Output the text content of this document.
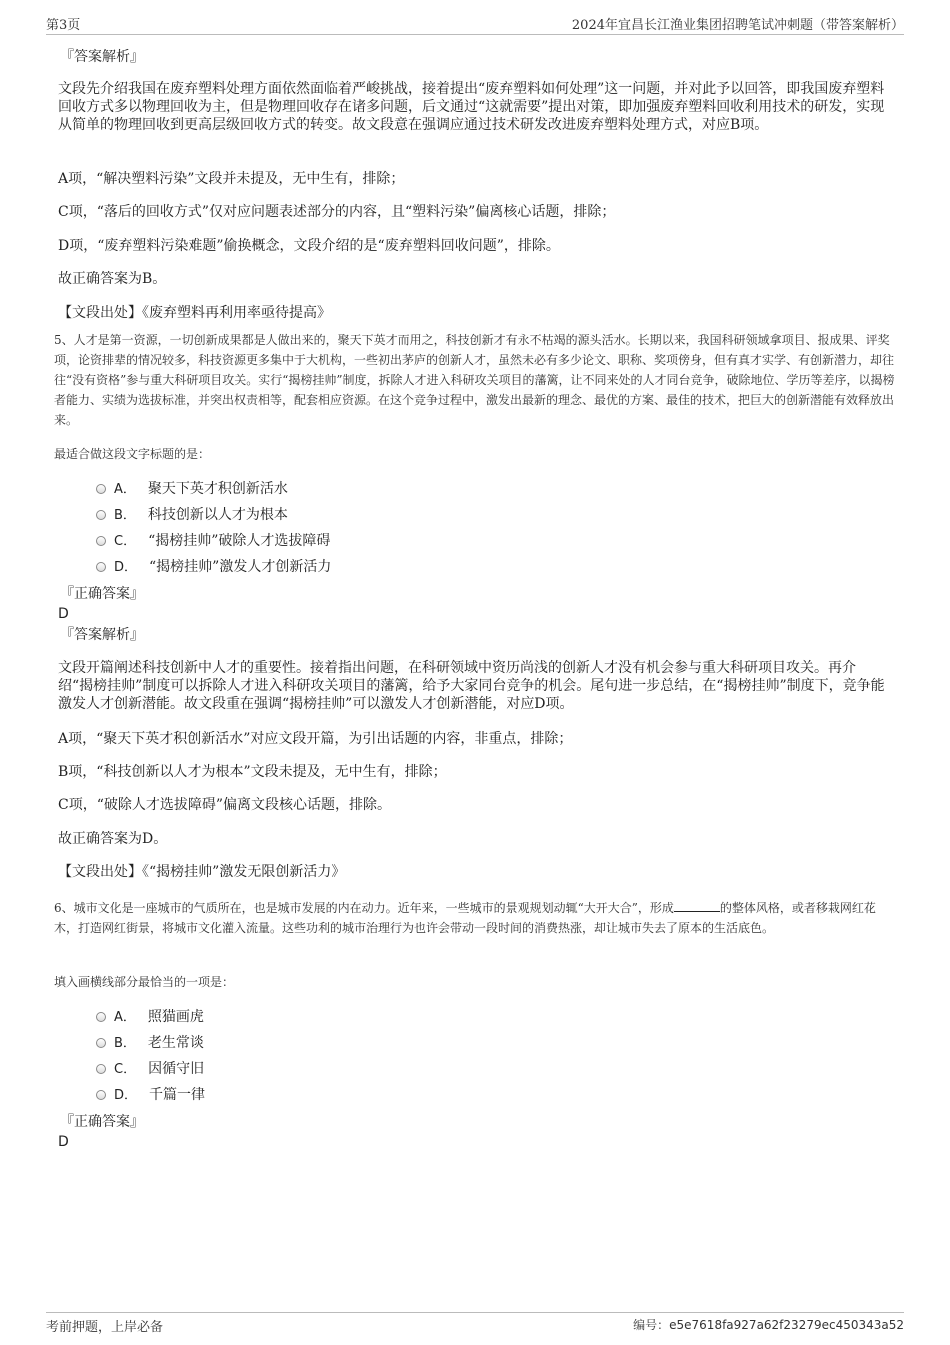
第3页	2024年宜昌长江渔业集团招聘笔试冲刺题（带答案解析）
『答案解析』
文段先介绍我国在废弃塑料处理方面依然面临着严峻挑战，接着提出“废弃塑料如何处理”这一问题，并对此予以回答，即我国废弃塑料回收方式多以物理回收为主，但是物理回收存在诸多问题，后文通过“这就需要”提出对策，即加强废弃塑料回收利用技术的研发，实现从简单的物理回收到更高层级回收方式的转变。故文段意在强调应通过技术研发改进废弃塑料处理方式，对应B项。
A项，“解决塑料污染”文段并未提及，无中生有，排除；
C项，“落后的回收方式”仅对应问题表述部分的内容，且“塑料污染”偏离核心话题，排除；
D项，“废弃塑料污染难题”偷换概念，文段介绍的是“废弃塑料回收问题”，排除。
故正确答案为B。
【文段出处】《废弃塑料再利用率亟待提高》
5、人才是第一资源，一切创新成果都是人做出来的，聚天下英才而用之，科技创新才有永不枯竭的源头活水。长期以来，我国科研领域拿项目、报成果、评奖项，论资排辈的情况较多，科技资源更多集中于大机构，一些初出茅庐的创新人才，虽然未必有多少论文、职称、奖项傍身，但有真才实学、有创新潜力，却往往“没有资格”参与重大科研项目攻关。实行“揭榜挂帅”制度，拆除人才进入科研攻关项目的藩篱，让不同来处的人才同台竞争，破除地位、学历等差序，以揭榜者能力、实绩为选拔标准，并突出权责相等，配套相应资源。在这个竞争过程中，激发出最新的理念、最优的方案、最佳的技术，把巨大的创新潜能有效释放出来。
最适合做这段文字标题的是：
A． 聚天下英才积创新活水
B． 科技创新以人才为根本
C． “揭榜挂帅”破除人才选拔障碍
D． “揭榜挂帅”激发人才创新活力
『正确答案』
D
『答案解析』
文段开篇阐述科技创新中人才的重要性。接着指出问题，在科研领域中资历尚浅的创新人才没有机会参与重大科研项目攻关。再介绍“揭榜挂帅”制度可以拆除人才进入科研攻关项目的藩篱，给予大家同台竞争的机会。尾句进一步总结，在“揭榜挂帅”制度下，竞争能激发人才创新潜能。故文段重在强调“揭榜挂帅”可以激发人才创新潜能，对应D项。
A项，“聚天下英才积创新活水”对应文段开篇，为引出话题的内容，非重点，排除；
B项，“科技创新以人才为根本”文段未提及，无中生有，排除；
C项，“破除人才选拔障碍”偏离文段核心话题，排除。
故正确答案为D。
【文段出处】《“揭榜挂帅”激发无限创新活力》
6、城市文化是一座城市的气质所在，也是城市发展的内在动力。近年来，一些城市的景观规划动辄“大开大合”，形成	的整体风格，或者移栽网红花木，打造网红街景，将城市文化灌入流量。这些功利的城市治理行为也许会带动一段时间的消费热涨，却让城市失去了原本的生活底色。
填入画横线部分最恰当的一项是：
A． 照猫画虎
B． 老生常谈
C． 因循守旧
D． 千篇一律
『正确答案』
D
考前押题，上岸必备	编号：e5e7618fa927a62f23279ec450343a52
